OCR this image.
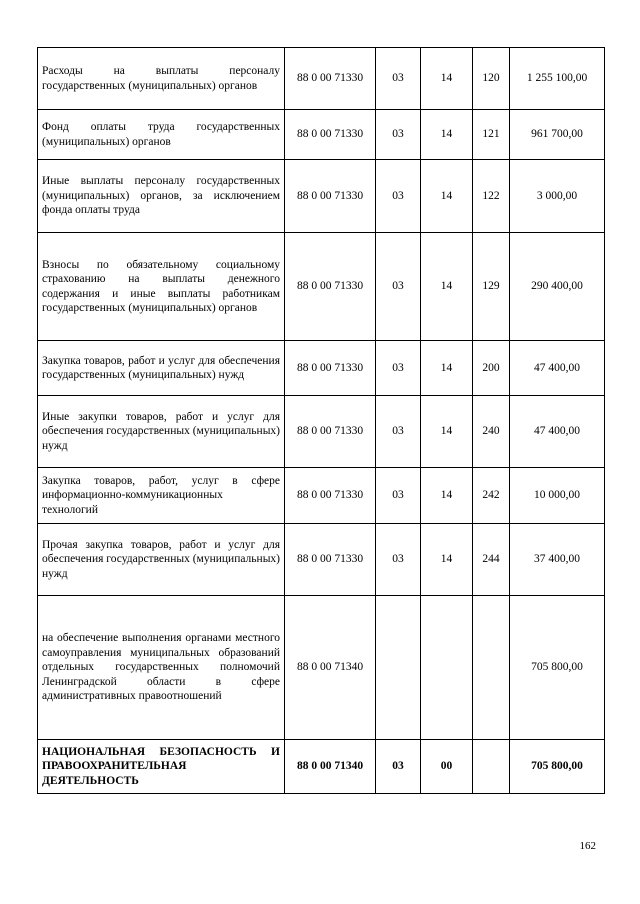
Расходы на выплаты персоналу государственных (муниципальных) органов	88 0 00 71330	03	14	120	1 255 100,00
Фонд оплаты труда государственных (муниципальных) органов	88 0 00 71330	03	14	121	961 700,00
Иные выплаты персоналу государственных (муниципальных) органов, за исключением фонда оплаты труда	88 0 00 71330	03	14	122	3 000,00
Взносы по обязательному социальному страхованию на выплаты денежного содержания и иные выплаты работникам государственных (муниципальных) органов	88 0 00 71330	03	14	129	290 400,00
Закупка товаров, работ и услуг для обеспечения государственных (муниципальных) нужд	88 0 00 71330	03	14	200	47 400,00
Иные закупки товаров, работ и услуг для обеспечения государственных (муниципальных) нужд	88 0 00 71330	03	14	240	47 400,00
Закупка товаров, работ, услуг в сфере информационно-коммуникационных технологий	88 0 00 71330	03	14	242	10 000,00
Прочая закупка товаров, работ и услуг для обеспечения государственных (муниципальных) нужд	88 0 00 71330	03	14	244	37 400,00
на обеспечение выполнения органами местного самоуправления муниципальных образований отдельных государственных полномочий Ленинградской области в сфере административных правоотношений	88 0 00 71340				705 800,00
НАЦИОНАЛЬНАЯ БЕЗОПАСНОСТЬ И ПРАВООХРАНИТЕЛЬНАЯ ДЕЯТЕЛЬНОСТЬ	88 0 00 71340	03	00		705 800,00
162
